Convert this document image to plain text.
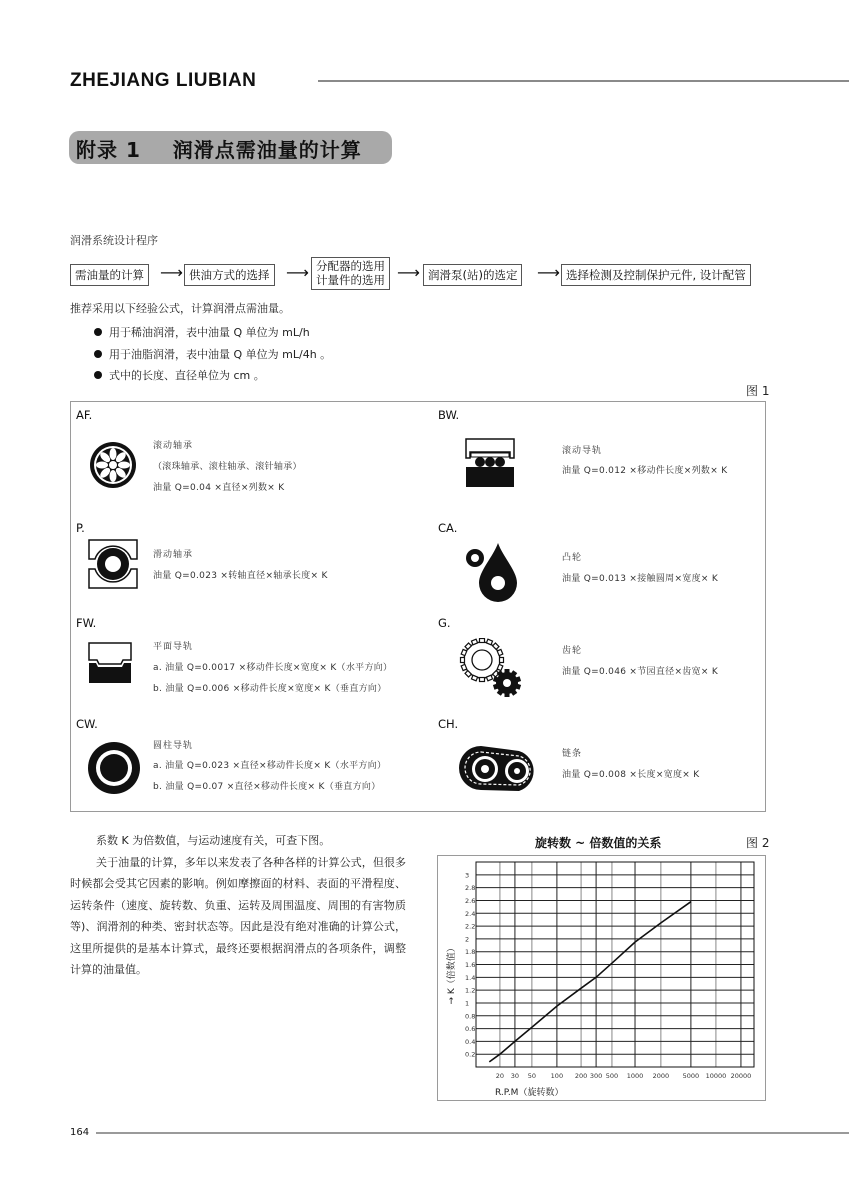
ZHEJIANG LIUBIAN
附录 1    润滑点需油量的计算
润滑系统设计程序
需油量的计算	⟶ 供油方式的选择	⟶ 分配器的选用
计量件的选用 ⟶ 润滑泵(站)的选定	⟶ 选择检测及控制保护元件, 设计配管
推荐采用以下经验公式，计算润滑点需油量。
用于稀油润滑，表中油量 Q 单位为 mL/h
用于油脂润滑，表中油量 Q 单位为 mL/4h 。
式中的长度、直径单位为 cm 。
图 1
AF.
滚动轴承
（滚珠轴承、滚柱轴承、滚针轴承）
油量 Q=0.04 ×直径×列数× K
BW.
滚动导轨
油量 Q=0.012 ×移动件长度×列数× K
P.
滑动轴承
油量 Q=0.023 ×转轴直径×轴承长度× K
CA.
凸轮
油量 Q=0.013 ×接触圆周×宽度× K
FW.
平面导轨
a. 油量 Q=0.0017 ×移动件长度×宽度× K（水平方向）
b. 油量 Q=0.006 ×移动件长度×宽度× K（垂直方向）
G.
齿轮
油量 Q=0.046 ×节园直径×齿宽× K
CW.
圆柱导轨
a. 油量 Q=0.023 ×直径×移动件长度× K（水平方向）
b. 油量 Q=0.07 ×直径×移动件长度× K（垂直方向）
CH.
链条
油量 Q=0.008 ×长度×宽度× K

系数 K 为倍数值，与运动速度有关，可查下图。

关于油量的计算，多年以来发表了各种各样的计算公式，但很多时候都会受其它因素的影响。例如摩擦面的材料、表面的平滑程度、运转条件（速度、旋转数、负重、运转及周围温度、周围的有害物质等)、润滑剂的种类、密封状态等。因此是没有绝对准确的计算公式，这里所提供的是基本计算式，最终还要根据润滑点的各项条件，调整计算的油量值。

旋转数 ~ 倍数值的关系	图 2
0.2
0.4
0.6
0.8
1
1.2
1.4
1.6
1.8
2
2.2
2.4
2.6
2.8
3
20 30 50 100 200 300 500 1000 2000 5000 10000 20000
R.P.M（旋转数）
→ K（倍数值）
164
